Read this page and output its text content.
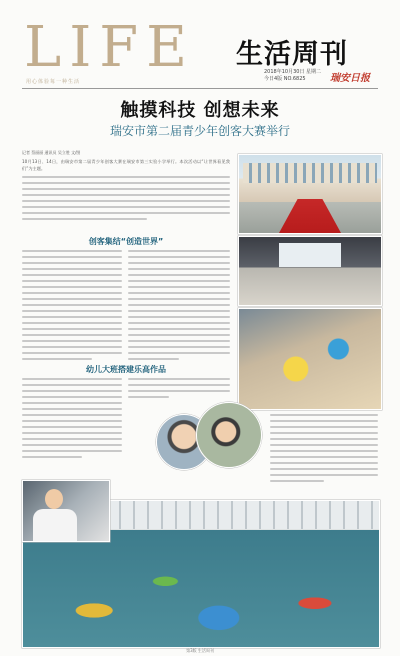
LIFE
用心体验每一种生活
生活周刊
2018年10月30日 星期二
今日4版 NO.6825	瑞安日报
触摸科技 创想未来
瑞安市第二届青少年创客大赛举行
记者 蔡丽丽 通讯员 吴立胜 文/图
10月13日、14日，由瑞安市第二届青少年创客大赛在瑞安市第三实验小学举行。本次活动以“让世界看见我们”为主题。
创客集结“创造世界”
幼儿大班搭建乐高作品
第3版 生活周刊
